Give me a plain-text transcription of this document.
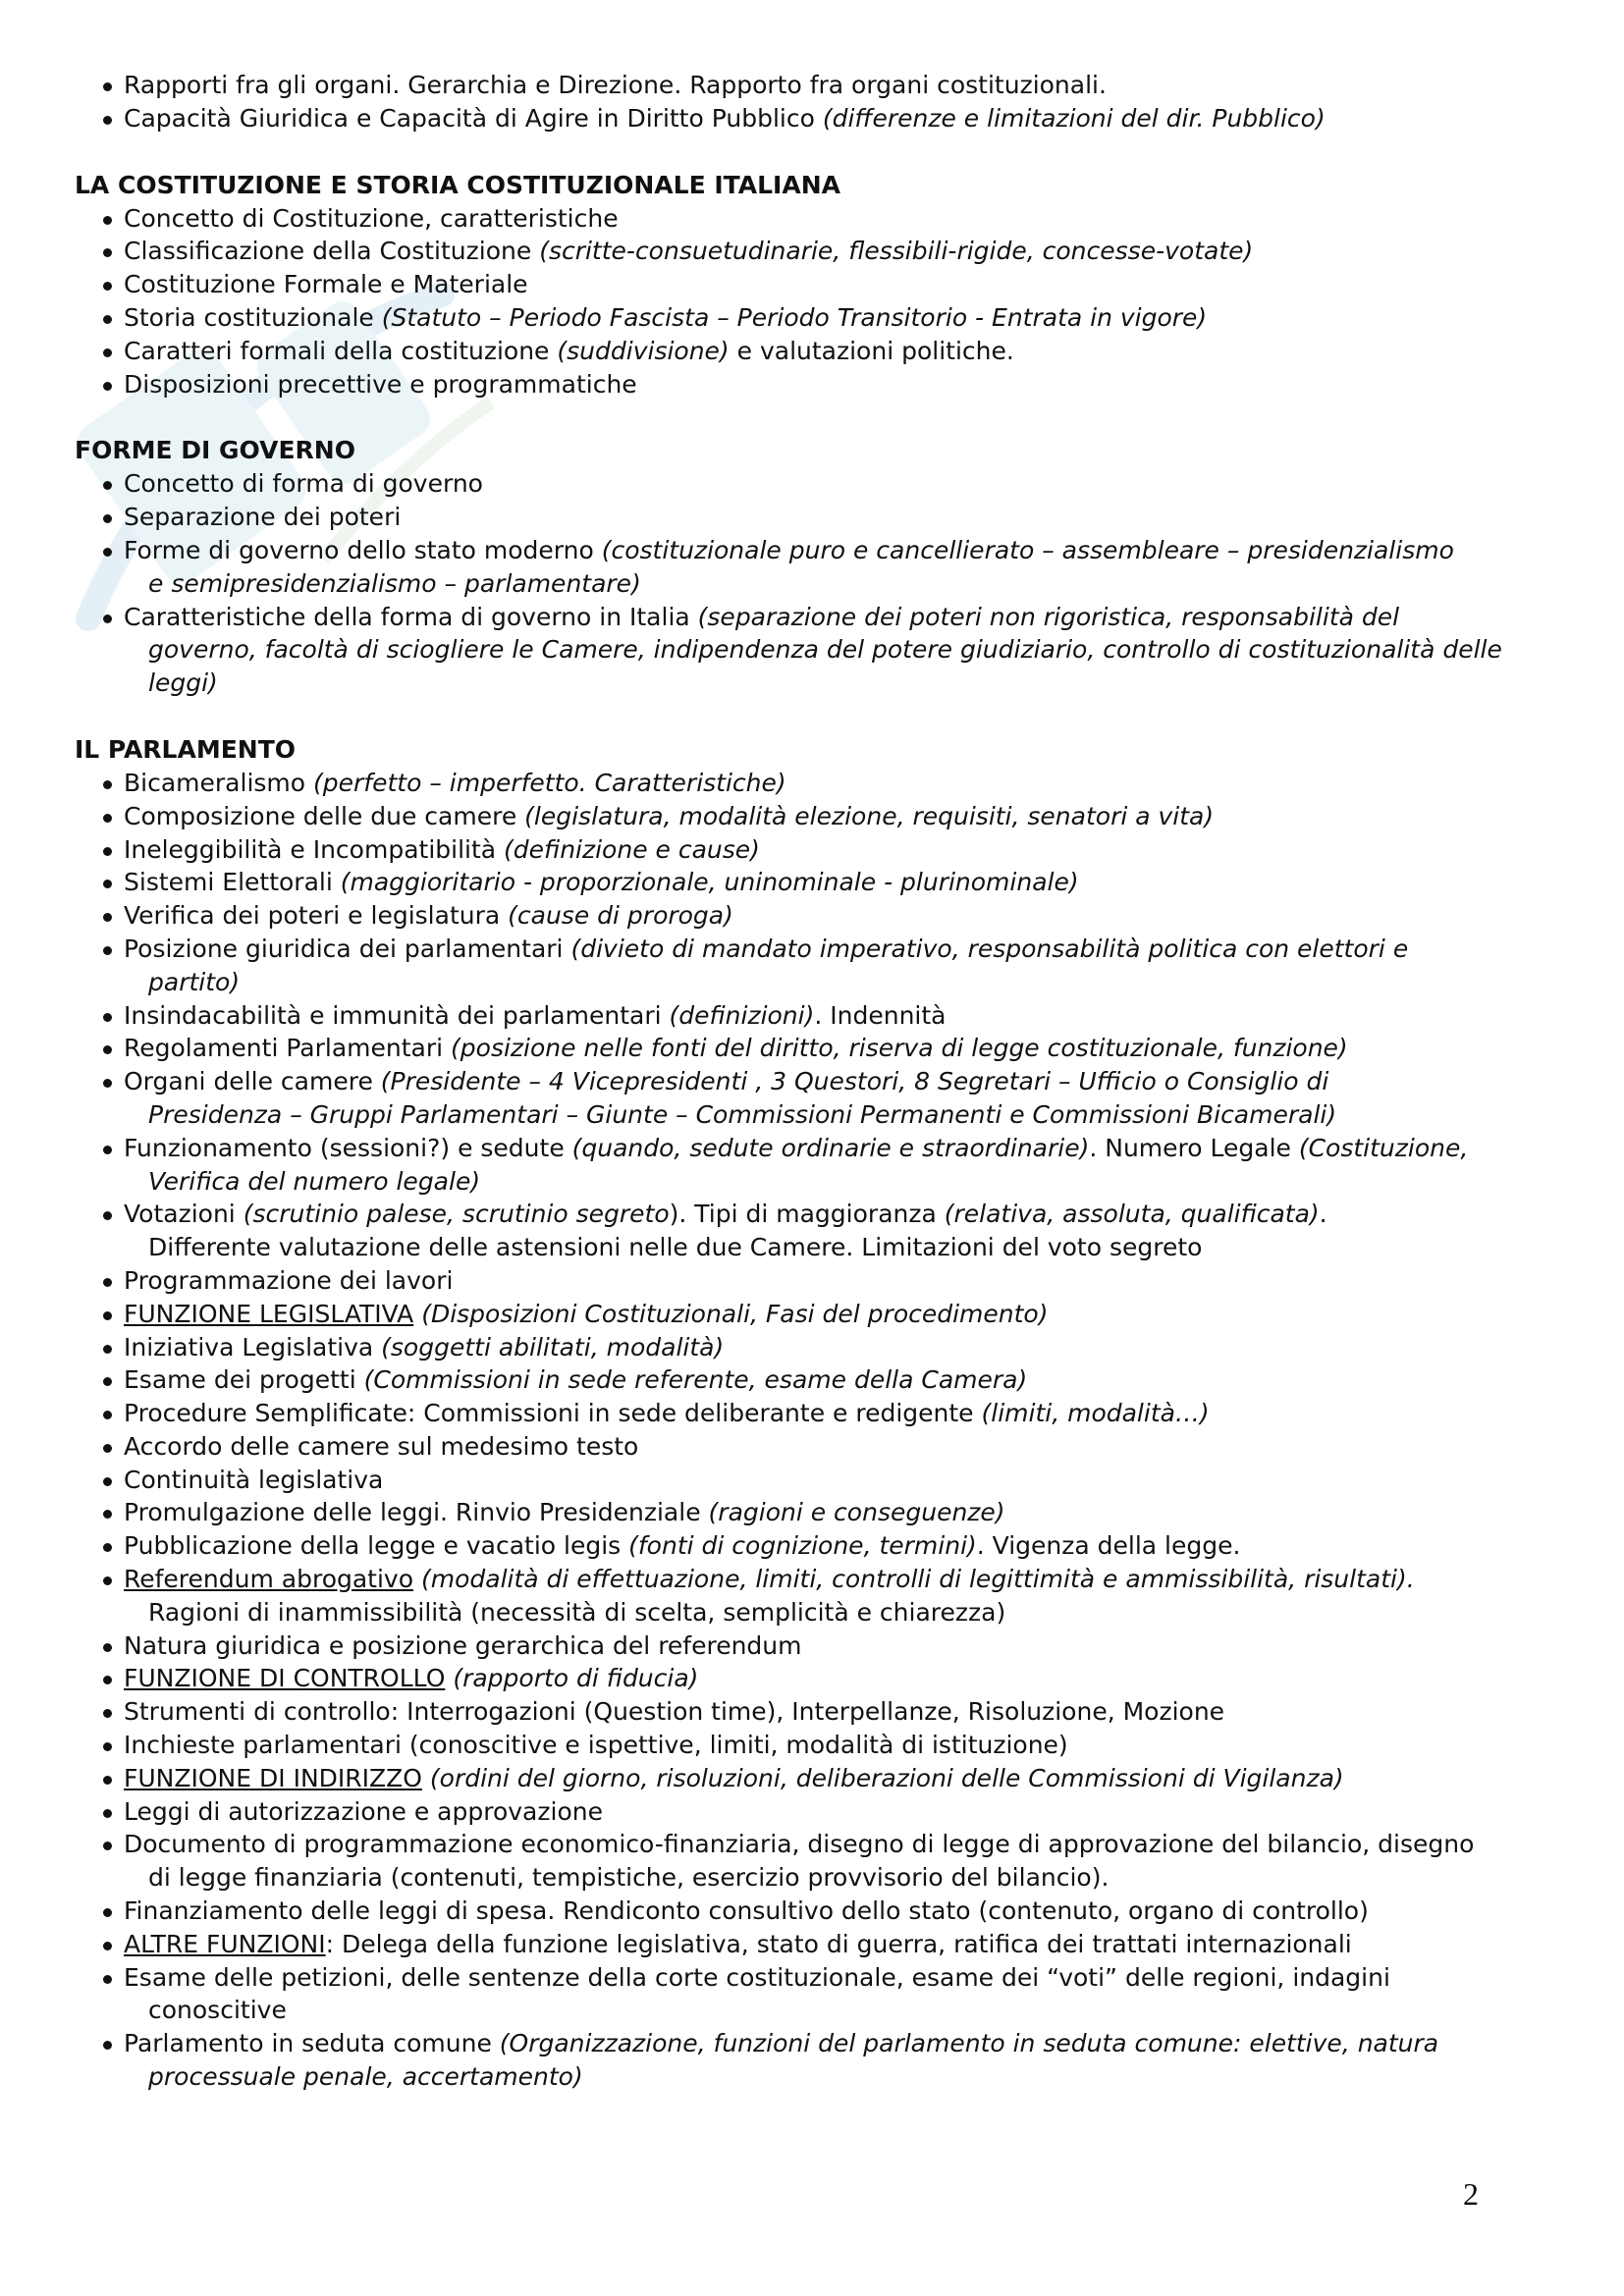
Rapporti fra gli organi. Gerarchia e Direzione. Rapporto fra organi costituzionali.
Capacità Giuridica e Capacità di Agire in Diritto Pubblico (differenze e limitazioni del dir. Pubblico)
LA COSTITUZIONE E STORIA COSTITUZIONALE ITALIANA
Concetto di Costituzione, caratteristiche
Classificazione della Costituzione (scritte-consuetudinarie, flessibili-rigide, concesse-votate)
Costituzione Formale e Materiale
Storia costituzionale (Statuto – Periodo Fascista – Periodo Transitorio - Entrata in vigore)
Caratteri formali della costituzione (suddivisione) e valutazioni politiche.
Disposizioni precettive e programmatiche
FORME DI GOVERNO
Concetto di forma di governo
Separazione dei poteri
Forme di governo dello stato moderno (costituzionale puro e cancellierato – assembleare – presidenzialismo
e semipresidenzialismo – parlamentare)
Caratteristiche della forma di governo in Italia (separazione dei poteri non rigoristica, responsabilità del
governo, facoltà di sciogliere le Camere, indipendenza del potere giudiziario, controllo di costituzionalità delle leggi)
IL PARLAMENTO
Bicameralismo (perfetto – imperfetto. Caratteristiche)
Composizione delle due camere (legislatura, modalità elezione, requisiti, senatori a vita)
Ineleggibilità e Incompatibilità (definizione e cause)
Sistemi Elettorali (maggioritario - proporzionale, uninominale - plurinominale)
Verifica dei poteri e legislatura (cause di proroga)
Posizione giuridica dei parlamentari (divieto di mandato imperativo, responsabilità politica con elettori e
partito)
Insindacabilità e immunità dei parlamentari (definizioni). Indennità
Regolamenti Parlamentari (posizione nelle fonti del diritto, riserva di legge costituzionale, funzione)
Organi delle camere (Presidente – 4 Vicepresidenti , 3 Questori, 8 Segretari – Ufficio o Consiglio di
Presidenza – Gruppi Parlamentari – Giunte – Commissioni Permanenti e Commissioni Bicamerali)
Funzionamento (sessioni?) e sedute (quando, sedute ordinarie e straordinarie). Numero Legale (Costituzione,
Verifica del numero legale)
Votazioni (scrutinio palese, scrutinio segreto). Tipi di maggioranza (relativa, assoluta, qualificata).
Differente valutazione delle astensioni nelle due Camere. Limitazioni del voto segreto
Programmazione dei lavori
FUNZIONE LEGISLATIVA (Disposizioni Costituzionali, Fasi del procedimento)
Iniziativa Legislativa (soggetti abilitati, modalità)
Esame dei progetti (Commissioni in sede referente, esame della Camera)
Procedure Semplificate: Commissioni in sede deliberante e redigente (limiti, modalità…)
Accordo delle camere sul medesimo testo
Continuità legislativa
Promulgazione delle leggi. Rinvio Presidenziale (ragioni e conseguenze)
Pubblicazione della legge e vacatio legis (fonti di cognizione, termini). Vigenza della legge.
Referendum abrogativo (modalità di effettuazione, limiti, controlli di legittimità e ammissibilità, risultati).
Ragioni di inammissibilità (necessità di scelta, semplicità e chiarezza)
Natura giuridica e posizione gerarchica del referendum
FUNZIONE DI CONTROLLO (rapporto di fiducia)
Strumenti di controllo: Interrogazioni (Question time), Interpellanze, Risoluzione, Mozione
Inchieste parlamentari (conoscitive e ispettive, limiti, modalità di istituzione)
FUNZIONE DI INDIRIZZO (ordini del giorno, risoluzioni, deliberazioni delle Commissioni di Vigilanza)
Leggi di autorizzazione e approvazione
Documento di programmazione economico-finanziaria, disegno di legge di approvazione del bilancio, disegno
di legge finanziaria (contenuti, tempistiche, esercizio provvisorio del bilancio).
Finanziamento delle leggi di spesa. Rendiconto consultivo dello stato (contenuto, organo di controllo)
ALTRE FUNZIONI: Delega della funzione legislativa, stato di guerra, ratifica dei trattati internazionali
Esame delle petizioni, delle sentenze della corte costituzionale, esame dei “voti” delle regioni, indagini
conoscitive
Parlamento in seduta comune (Organizzazione, funzioni del parlamento in seduta comune: elettive, natura
processuale penale, accertamento)
2
